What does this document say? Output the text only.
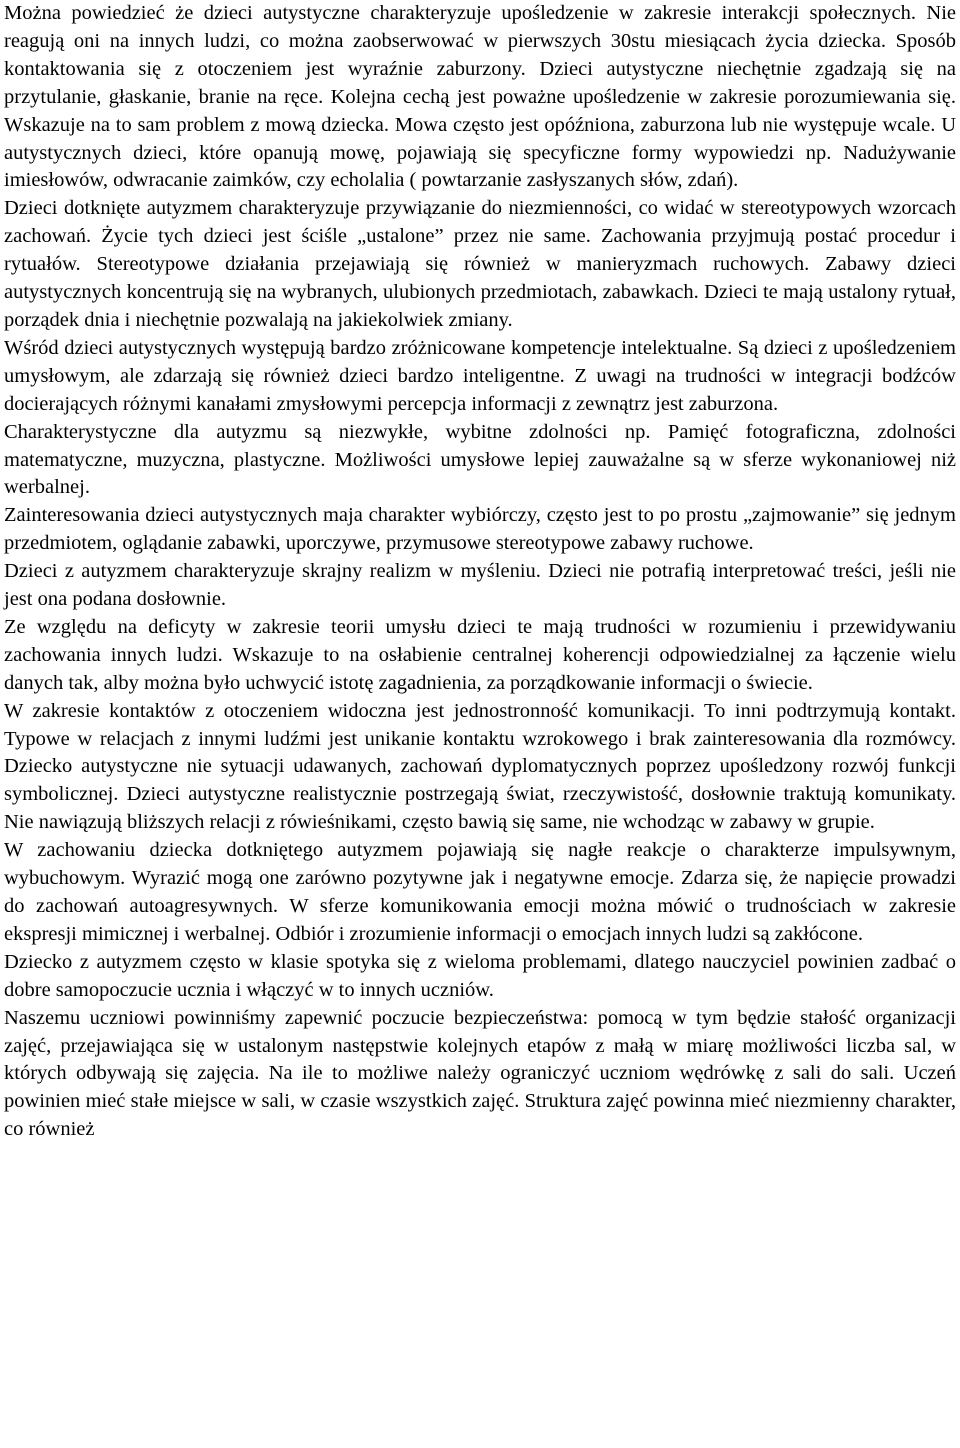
Można powiedzieć że dzieci autystyczne charakteryzuje upośledzenie w zakresie interakcji społecznych. Nie reagują oni na innych ludzi, co można zaobserwować w pierwszych 30stu miesiącach życia dziecka. Sposób kontaktowania się z otoczeniem jest wyraźnie zaburzony. Dzieci autystyczne niechętnie zgadzają się na przytulanie, głaskanie, branie na ręce. Kolejna cechą jest poważne upośledzenie w zakresie porozumiewania się. Wskazuje na to sam problem z mową dziecka. Mowa często jest opóźniona, zaburzona lub nie występuje wcale. U autystycznych dzieci, które opanują mowę, pojawiają się specyficzne formy wypowiedzi np. Nadużywanie imiesłowów, odwracanie zaimków, czy echolalia ( powtarzanie zasłyszanych słów, zdań).

Dzieci dotknięte autyzmem charakteryzuje przywiązanie do niezmienności, co widać w stereotypowych wzorcach zachowań. Życie tych dzieci jest ściśle „ustalone” przez nie same. Zachowania przyjmują postać procedur i rytuałów. Stereotypowe działania przejawiają się również w manieryzmach ruchowych. Zabawy dzieci autystycznych koncentrują się na wybranych, ulubionych przedmiotach, zabawkach. Dzieci te mają ustalony rytuał, porządek dnia i niechętnie pozwalają na jakiekolwiek zmiany.

Wśród dzieci autystycznych występują bardzo zróżnicowane kompetencje intelektualne. Są dzieci z upośledzeniem umysłowym, ale zdarzają się również dzieci bardzo inteligentne. Z uwagi na trudności w integracji bodźców docierających różnymi kanałami zmysłowymi percepcja informacji z zewnątrz jest zaburzona.

Charakterystyczne dla autyzmu są niezwykłe, wybitne zdolności np. Pamięć fotograficzna, zdolności matematyczne, muzyczna, plastyczne. Możliwości umysłowe lepiej zauważalne są w sferze wykonaniowej niż werbalnej.

Zainteresowania dzieci autystycznych maja charakter wybiórczy, często jest to po prostu „zajmowanie” się jednym przedmiotem, oglądanie zabawki, uporczywe, przymusowe stereotypowe zabawy ruchowe.

Dzieci z autyzmem charakteryzuje skrajny realizm w myśleniu. Dzieci nie potrafią interpretować treści, jeśli nie jest ona podana dosłownie.

Ze względu na deficyty w zakresie teorii umysłu dzieci te mają trudności w rozumieniu i przewidywaniu zachowania innych ludzi. Wskazuje to na osłabienie centralnej koherencji odpowiedzialnej za łączenie wielu danych tak, alby można było uchwycić istotę zagadnienia, za porządkowanie informacji o świecie.

W zakresie kontaktów z otoczeniem widoczna jest jednostronność komunikacji. To inni podtrzymują kontakt. Typowe w relacjach z innymi ludźmi jest unikanie kontaktu wzrokowego i brak zainteresowania dla rozmówcy. Dziecko autystyczne nie sytuacji udawanych, zachowań dyplomatycznych poprzez upośledzony rozwój funkcji symbolicznej. Dzieci autystyczne realistycznie postrzegają świat, rzeczywistość, dosłownie traktują komunikaty. Nie nawiązują bliższych relacji z rówieśnikami, często bawią się same, nie wchodząc w zabawy w grupie.

W zachowaniu dziecka dotkniętego autyzmem pojawiają się nagłe reakcje o charakterze impulsywnym, wybuchowym. Wyrazić mogą one zarówno pozytywne jak i negatywne emocje. Zdarza się, że napięcie prowadzi do zachowań autoagresywnych. W sferze komunikowania emocji można mówić o trudnościach w zakresie ekspresji mimicznej i werbalnej. Odbiór i zrozumienie informacji o emocjach innych ludzi są zakłócone.

Dziecko z autyzmem często w klasie spotyka się z wieloma problemami, dlatego nauczyciel powinien zadbać o dobre samopoczucie ucznia i włączyć w to innych uczniów.

Naszemu uczniowi powinniśmy zapewnić poczucie bezpieczeństwa: pomocą w tym będzie stałość organizacji zajęć, przejawiająca się w ustalonym następstwie kolejnych etapów z małą w miarę możliwości liczba sal, w których odbywają się zajęcia. Na ile to możliwe należy ograniczyć uczniom wędrówkę z sali do sali. Uczeń powinien mieć stałe miejsce w sali, w czasie wszystkich zajęć. Struktura zajęć powinna mieć niezmienny charakter, co również
